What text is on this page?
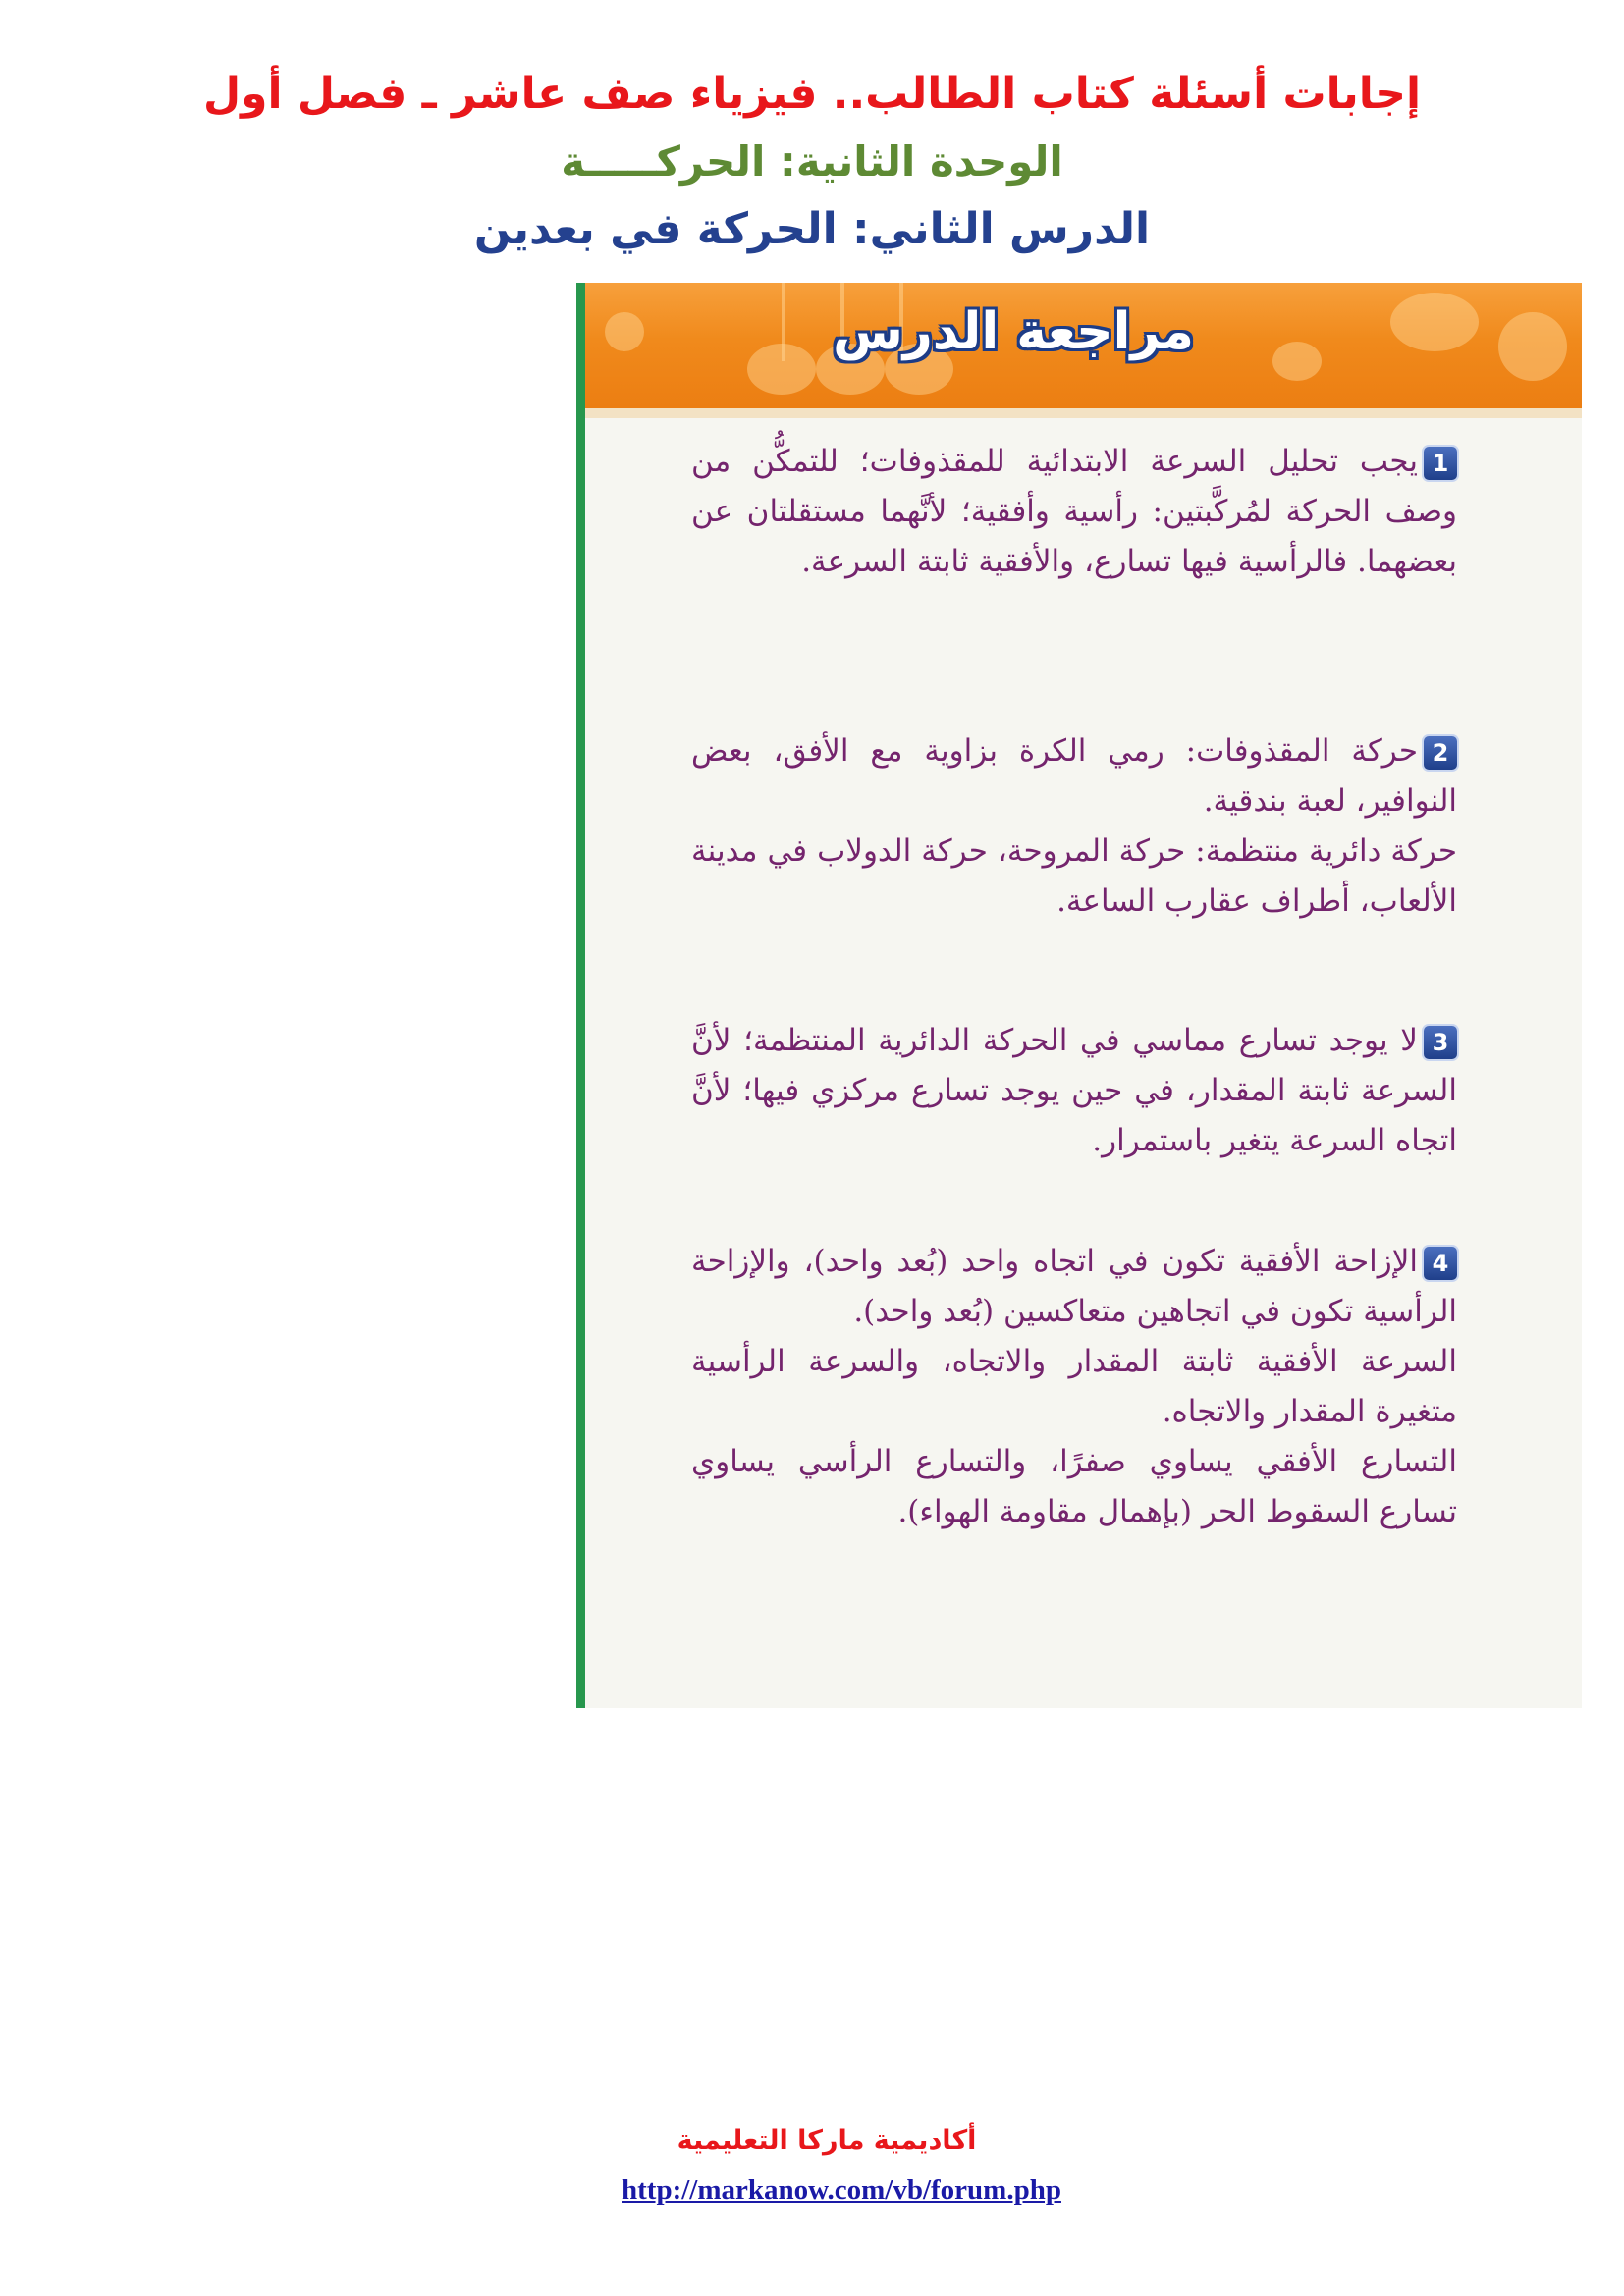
إجابات أسئلة كتاب الطالب.. فيزياء صف عاشر ـ فصل أول
الوحدة الثانية: الحركـــــة
الدرس الثاني: الحركة في بعدين
مراجعة الدرس

1يجب تحليل السرعة الابتدائية للمقذوفات؛ للتمكُّن من وصف الحركة لمُركَّبتين: رأسية وأفقية؛ لأنَّهما مستقلتان عن بعضهما. فالرأسية فيها تسارع، والأفقية ثابتة السرعة.

2حركة المقذوفات: رمي الكرة بزاوية مع الأفق، بعض النوافير، لعبة بندقية.

حركة دائرية منتظمة: حركة المروحة، حركة الدولاب في مدينة الألعاب، أطراف عقارب الساعة.

3لا يوجد تسارع مماسي في الحركة الدائرية المنتظمة؛ لأنَّ السرعة ثابتة المقدار، في حين يوجد تسارع مركزي فيها؛ لأنَّ اتجاه السرعة يتغير باستمرار.

4الإزاحة الأفقية تكون في اتجاه واحد (بُعد واحد)، والإزاحة الرأسية تكون في اتجاهين متعاكسين (بُعد واحد).

السرعة الأفقية ثابتة المقدار والاتجاه، والسرعة الرأسية متغيرة المقدار والاتجاه.

التسارع الأفقي يساوي صفرًا، والتسارع الرأسي يساوي تسارع السقوط الحر (بإهمال مقاومة الهواء).

أكاديمية ماركا التعليمية
http://markanow.com/vb/forum.php
